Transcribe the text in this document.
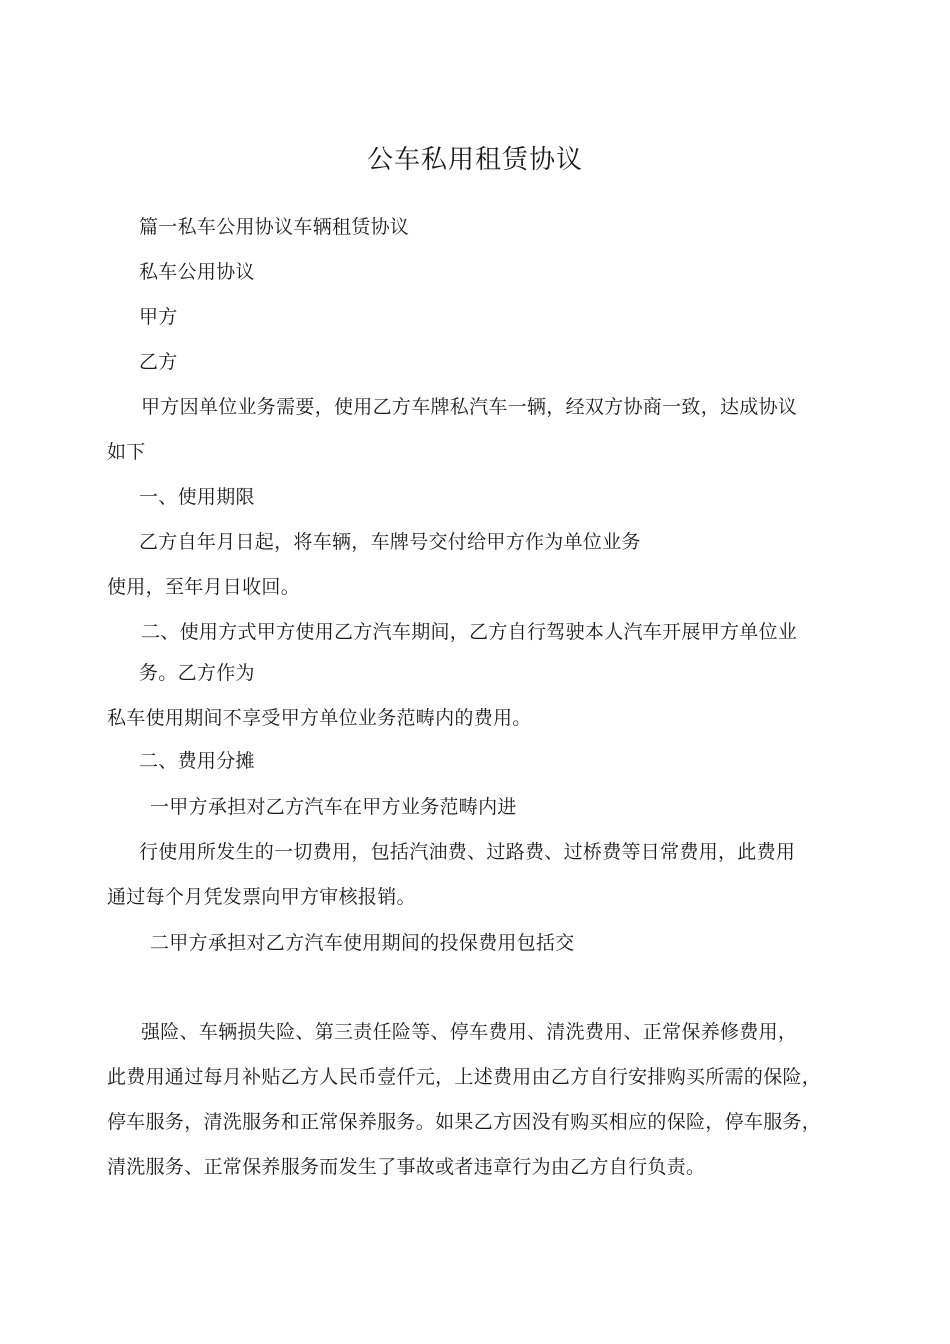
公车私用租赁协议
篇一私车公用协议车辆租赁协议
私车公用协议
甲方
乙方
甲方因单位业务需要，使用乙方车牌私汽车一辆，经双方协商一致，达成协议
如下
一、使用期限
乙方自年月日起，将车辆，车牌号交付给甲方作为单位业务
使用，至年月日收回。
二、使用方式甲方使用乙方汽车期间，乙方自行驾驶本人汽车开展甲方单位业
务。乙方作为
私车使用期间不享受甲方单位业务范畴内的费用。
二、费用分摊
一甲方承担对乙方汽车在甲方业务范畴内进
行使用所发生的一切费用，包括汽油费、过路费、过桥费等日常费用，此费用
通过每个月凭发票向甲方审核报销。
二甲方承担对乙方汽车使用期间的投保费用包括交
强险、车辆损失险、第三责任险等、停车费用、清洗费用、正常保养修费用，
此费用通过每月补贴乙方人民币壹仟元，上述费用由乙方自行安排购买所需的保险，
停车服务，清洗服务和正常保养服务。如果乙方因没有购买相应的保险，停车服务，
清洗服务、正常保养服务而发生了事故或者违章行为由乙方自行负责。
